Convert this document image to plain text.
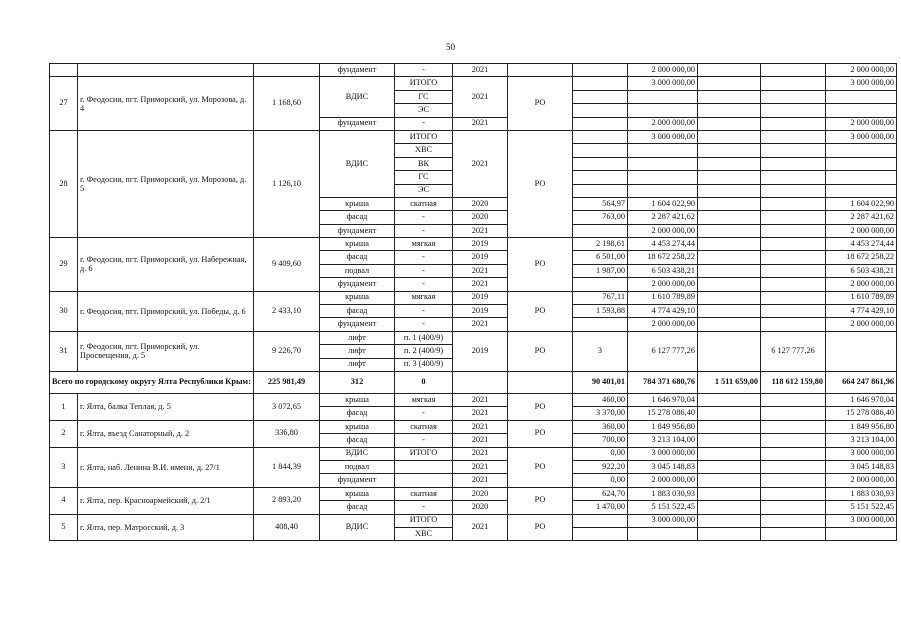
50
			фундамент	-	2021			2 000 000,00			2 000 000,00
27	г. Феодосия, пгт. Приморский, ул. Морозова, д. 4	1 168,60	ВДИС	ИТОГО	2021	РО		3 000 000,00			3 000 000,00
				ГС							
				ЭС							
			фундамент	-	2021			2 000 000,00			2 000 000,00
28	г. Феодосия, пгт. Приморский, ул. Морозова, д. 5	1 126,10	ВДИС	ИТОГО	2021	РО		3 000 000,00			3 000 000,00
				ХВС							
				ВК							
				ГС							
				ЭС							
			крыша	скатная	2020		564,97	1 604 022,90			1 604 022,90
			фасад	-	2020		763,00	2 287 421,62			2 287 421,62
			фундамент	-	2021			2 000 000,00			2 000 000,00
29	г. Феодосия, пгт. Приморский, ул. Набережная, д. 6	9 409,60	крыша	мягкая	2019	РО	2 198,61	4 453 274,44			4 453 274,44
			фасад	-	2019		6 501,00	18 672 258,22			18 672 258,22
			подвал	-	2021		1 987,00	6 503 438,21			6 503 438,21
			фундамент	-	2021			2 000 000,00			2 000 000,00
30	г. Феодосия, пгт. Приморский, ул. Победы, д. 6	2 433,10	крыша	мягкая	2019	РО	767,11	1 610 789,89			1 610 789,89
			фасад	-	2019		1 593,88	4 774 429,10			4 774 429,10
			фундамент	-	2021			2 000 000,00			2 000 000,00
31	г. Феодосия, пгт. Приморский, ул. Просвещения, д. 5	9 226,70	лифт	п. 1 (400/9)	2019	РО	3	6 127 777,26		6 127 777,26	
			лифт	п. 2 (400/9)							
			лифт	п. 3 (400/9)							
Всего по городскому округу Ялта Республики Крым:		225 981,49	312	0			90 401,01	784 371 680,76	1 511 659,00	118 612 159,80	664 247 861,96
1	г. Ялта, балка Теплая, д. 5	3 072,65	крыша	мягкая	2021	РО	460,00	1 646 970,04			1 646 970,04
			фасад	-	2021		3 370,00	15 278 086,40			15 278 086,40
2	г. Ялта, въезд Санаторный, д. 2	336,80	крыша	скатная	2021	РО	360,00	1 849 956,80			1 849 956,80
			фасад	-	2021		700,00	3 213 104,00			3 213 104,00
3	г. Ялта, наб. Ленина В.И. имени, д. 27/1	1 844,39	ВДИС	ИТОГО	2021	РО	0,00	3 000 000,00			3 000 000,00
			подвал		2021		922,20	3 045 148,83			3 045 148,83
			фундамент		2021		0,00	2 000 000,00			2 000 000,00
4	г. Ялта, пер. Красноармейский, д. 2/1	2 893,20	крыша	скатная	2020	РО	624,70	1 883 030,93			1 883 030,93
			фасад	-	2020		1 470,00	5 151 522,45			5 151 522,45
5	г. Ялта, пер. Матросский, д. 3	408,40	ВДИС	ИТОГО	2021	РО		3 000 000,00			3 000 000,00
				ХВС							
